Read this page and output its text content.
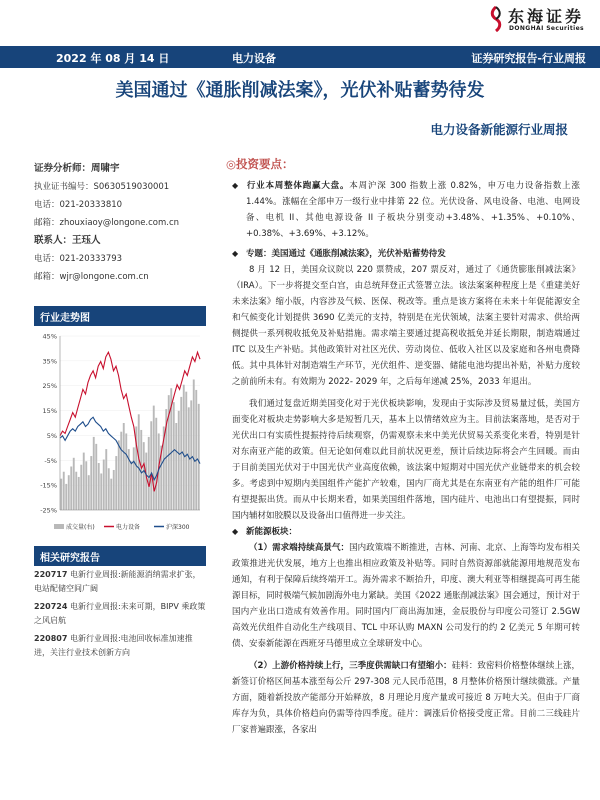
东海证券
DONGHAI Securities
2022 年 08 月 14 日	电力设备	证券研究报告-行业周报
美国通过《通胀削减法案》，光伏补贴蓄势待发
电力设备新能源行业周报
证券分析师：周啸宇
执业证书编号：S0630519030001
电话：021-20333810
邮箱：zhouxiaoy@longone.com.cn
联系人：王珏人
电话：021-20333793
邮箱：wjr@longone.com.cn
行业走势图
45%
35%
25%
15%
5%
-5%
-15%
-25%
成交量(右)	电力设备	沪深300
相关研究报告
220717 电新行业周报:新能源消纳需求扩张，电站配储空间广阔
220724 电新行业周报:未来可期，BIPV 乘政策之风启航
220807 电新行业周报:电池回收标准加速推进，关注行业技术创新方向
◎投资要点：
◆ 行业本周整体跑赢大盘。本周沪深 300 指数上涨 0.82%，申万电力设备指数上涨 1.44%。涨幅在全部申万一级行业中排第 22 位。光伏设备、风电设备、电池、电网设备、电机 II、其他电源设备 II 子板块分别变动+3.48%、+1.35%、+0.10%、+0.38%、+3.69%、+3.12%。
◆ 专题：美国通过《通胀削减法案》，光伏补贴蓄势待发
8 月 12 日，美国众议院以 220 票赞成，207 票反对，通过了《通货膨胀削减法案》（IRA）。下一步将提交至白宫，由总统拜登正式签署立法。该法案案种程度上是《重建美好未来法案》缩小版，内容涉及气候、医保、税改等。重点是该方案将在未来十年促能源安全和气候变化计划提供 3690 亿美元的支持，特别是在光伏领域，法案主要针对需求、供给两侧提供一系列税收抵免及补贴措施。需求端主要通过提高税收抵免并延长期限，制造端通过 ITC 以及生产补贴。其他政策针对社区光伏、劳动岗位、低收入社区以及家庭和各州电费降低。其中具体针对制造端生产环节，光伏组件、逆变器、储能电池均提出补贴，补贴力度较之前前所未有。有效期为 2022- 2029 年，之后每年递减 25%，2033 年退出。
我们通过复盘近期美国变化对于光伏板块影响，发现由于实际涉及贸易量过低，美国方面变化对板块走势影响大多是短暂几天，基本上以情绪效应为主。目前法案落地，是否对于光伏出口有实质性提振持待后续观察，仍需观察未来中美光伏贸易关系变化来看，特别是针对东南亚产能的政策。但无论如何难以此目前状况更差，预计后续边际将会产生回暖。而由于目前美国光伏对于中国光伏产业高度依赖，该法案中短期对中国光伏产业链带来的机会较多。考虑到中短期内美国组件产能扩产较难，国内厂商尤其是在东南亚有产能的组件厂可能有望提振出货。而从中长期来看，如果美国组件落地，国内硅片、电池出口有望提振，同时国内辅材如胶膜以及设备出口值得进一步关注。
◆ 新能源板块：
（1）需求端持续高景气：国内政策端不断推进，吉林、河南、北京、上海等均发布相关政策推进光伏发展，地方上也推出相应政策及补贴等。同时自然资源部就能源用地规范发布通知，有利于保障后续终端开工。海外需求不断抬升，印度、澳大利亚等相继提高可再生能源目标，同时极端气候加剧海外电力紧缺。美国《2022 通胀削减法案》国会通过，预计对于国内产业出口造成有效善作用。同时国内厂商出海加速，金辰股份与印度公司签订 2.5GW 高效光伏组件自动化生产线项目、TCL 中环认购 MAXN 公司发行的约 2 亿美元 5 年期可转债、安泰新能源在西班牙马德里成立全球研发中心。
（2）上游价格持续上行，三季度供需缺口有望缩小：硅料：致密料价格整体继续上涨，新签订价格区间基本涨至每公斤 297-308 元人民币范围，8 月整体价格预计继续微涨。产量方面，随着新投放产能部分开始释放，8 月理论月度产量或可接近 8 万吨大关。但由于厂商库存为负，具体价格趋向仍需等待四季度。硅片：调涨后价格接受度正常。目前二三线硅片厂家普遍跟涨，各家出
